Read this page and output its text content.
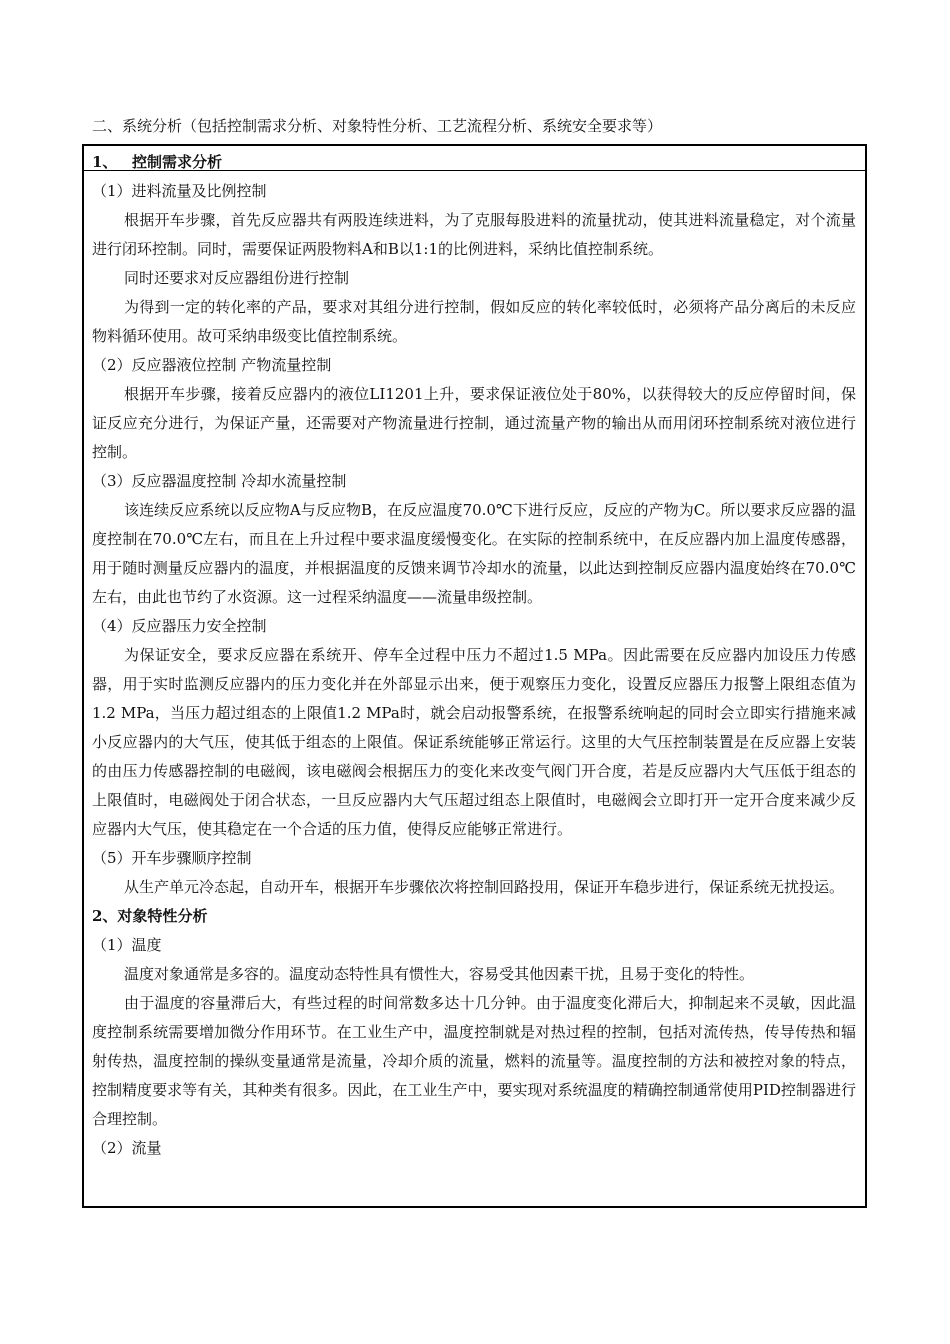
二、系统分析（包括控制需求分析、对象特性分析、工艺流程分析、系统安全要求等）

1、 控制需求分析

（1）进料流量及比例控制

根据开车步骤，首先反应器共有两股连续进料，为了克服每股进料的流量扰动，使其进料流量稳定，对个流量进行闭环控制。同时，需要保证两股物料A和B以1:1的比例进料，采纳比值控制系统。

同时还要求对反应器组份进行控制

为得到一定的转化率的产品，要求对其组分进行控制，假如反应的转化率较低时，必须将产品分离后的未反应物料循环使用。故可采纳串级变比值控制系统。

（2）反应器液位控制 产物流量控制

根据开车步骤，接着反应器内的液位LI1201上升，要求保证液位处于80%，以获得较大的反应停留时间，保证反应充分进行，为保证产量，还需要对产物流量进行控制，通过流量产物的输出从而用闭环控制系统对液位进行控制。

（3）反应器温度控制 冷却水流量控制

该连续反应系统以反应物A与反应物B，在反应温度70.0℃下进行反应，反应的产物为C。所以要求反应器的温度控制在70.0℃左右，而且在上升过程中要求温度缓慢变化。在实际的控制系统中，在反应器内加上温度传感器，用于随时测量反应器内的温度，并根据温度的反馈来调节冷却水的流量，以此达到控制反应器内温度始终在70.0℃左右，由此也节约了水资源。这一过程采纳温度——流量串级控制。

（4）反应器压力安全控制

为保证安全，要求反应器在系统开、停车全过程中压力不超过1.5 MPa。因此需要在反应器内加设压力传感器，用于实时监测反应器内的压力变化并在外部显示出来，便于观察压力变化，设置反应器压力报警上限组态值为1.2 MPa，当压力超过组态的上限值1.2 MPa时，就会启动报警系统，在报警系统响起的同时会立即实行措施来减小反应器内的大气压，使其低于组态的上限值。保证系统能够正常运行。这里的大气压控制装置是在反应器上安装的由压力传感器控制的电磁阀，该电磁阀会根据压力的变化来改变气阀门开合度，若是反应器内大气压低于组态的上限值时，电磁阀处于闭合状态，一旦反应器内大气压超过组态上限值时，电磁阀会立即打开一定开合度来减少反应器内大气压，使其稳定在一个合适的压力值，使得反应能够正常进行。

（5）开车步骤顺序控制

从生产单元冷态起，自动开车，根据开车步骤依次将控制回路投用，保证开车稳步进行，保证系统无扰投运。

2、对象特性分析

（1）温度

温度对象通常是多容的。温度动态特性具有惯性大，容易受其他因素干扰，且易于变化的特性。

由于温度的容量滞后大，有些过程的时间常数多达十几分钟。由于温度变化滞后大，抑制起来不灵敏，因此温度控制系统需要增加微分作用环节。在工业生产中，温度控制就是对热过程的控制，包括对流传热，传导传热和辐射传热，温度控制的操纵变量通常是流量，冷却介质的流量，燃料的流量等。温度控制的方法和被控对象的特点，控制精度要求等有关，其种类有很多。因此，在工业生产中，要实现对系统温度的精确控制通常使用PID控制器进行合理控制。

（2）流量
